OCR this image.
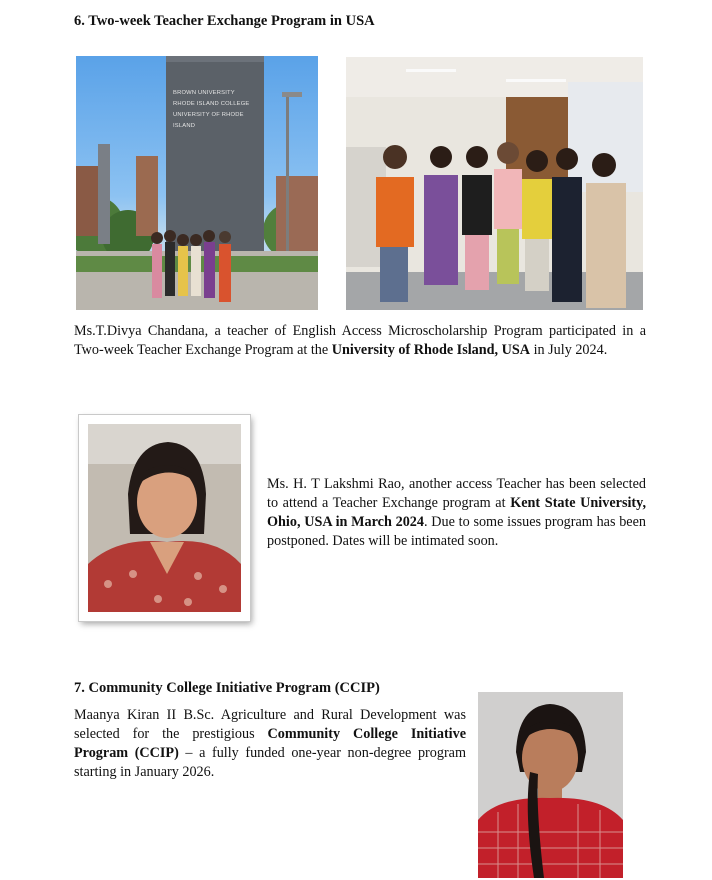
6. Two-week Teacher Exchange Program in USA
BROWN UNIVERSITY
RHODE ISLAND COLLEGE
UNIVERSITY OF RHODE ISLAND

Ms.T.Divya Chandana, a teacher of English Access Microscholarship Program participated in a Two-week Teacher Exchange Program at the University of Rhode Island, USA in July 2024.

Ms. H. T Lakshmi Rao, another access Teacher has been selected to attend a Teacher Exchange program at Kent State University, Ohio, USA in March 2024. Due to some issues program has been postponed. Dates will be intimated soon.

7. Community College Initiative Program (CCIP)

Maanya Kiran II B.Sc. Agriculture and Rural Development was selected for the prestigious Community College Initiative Program (CCIP) – a fully funded one-year non-degree program starting in January 2026.
